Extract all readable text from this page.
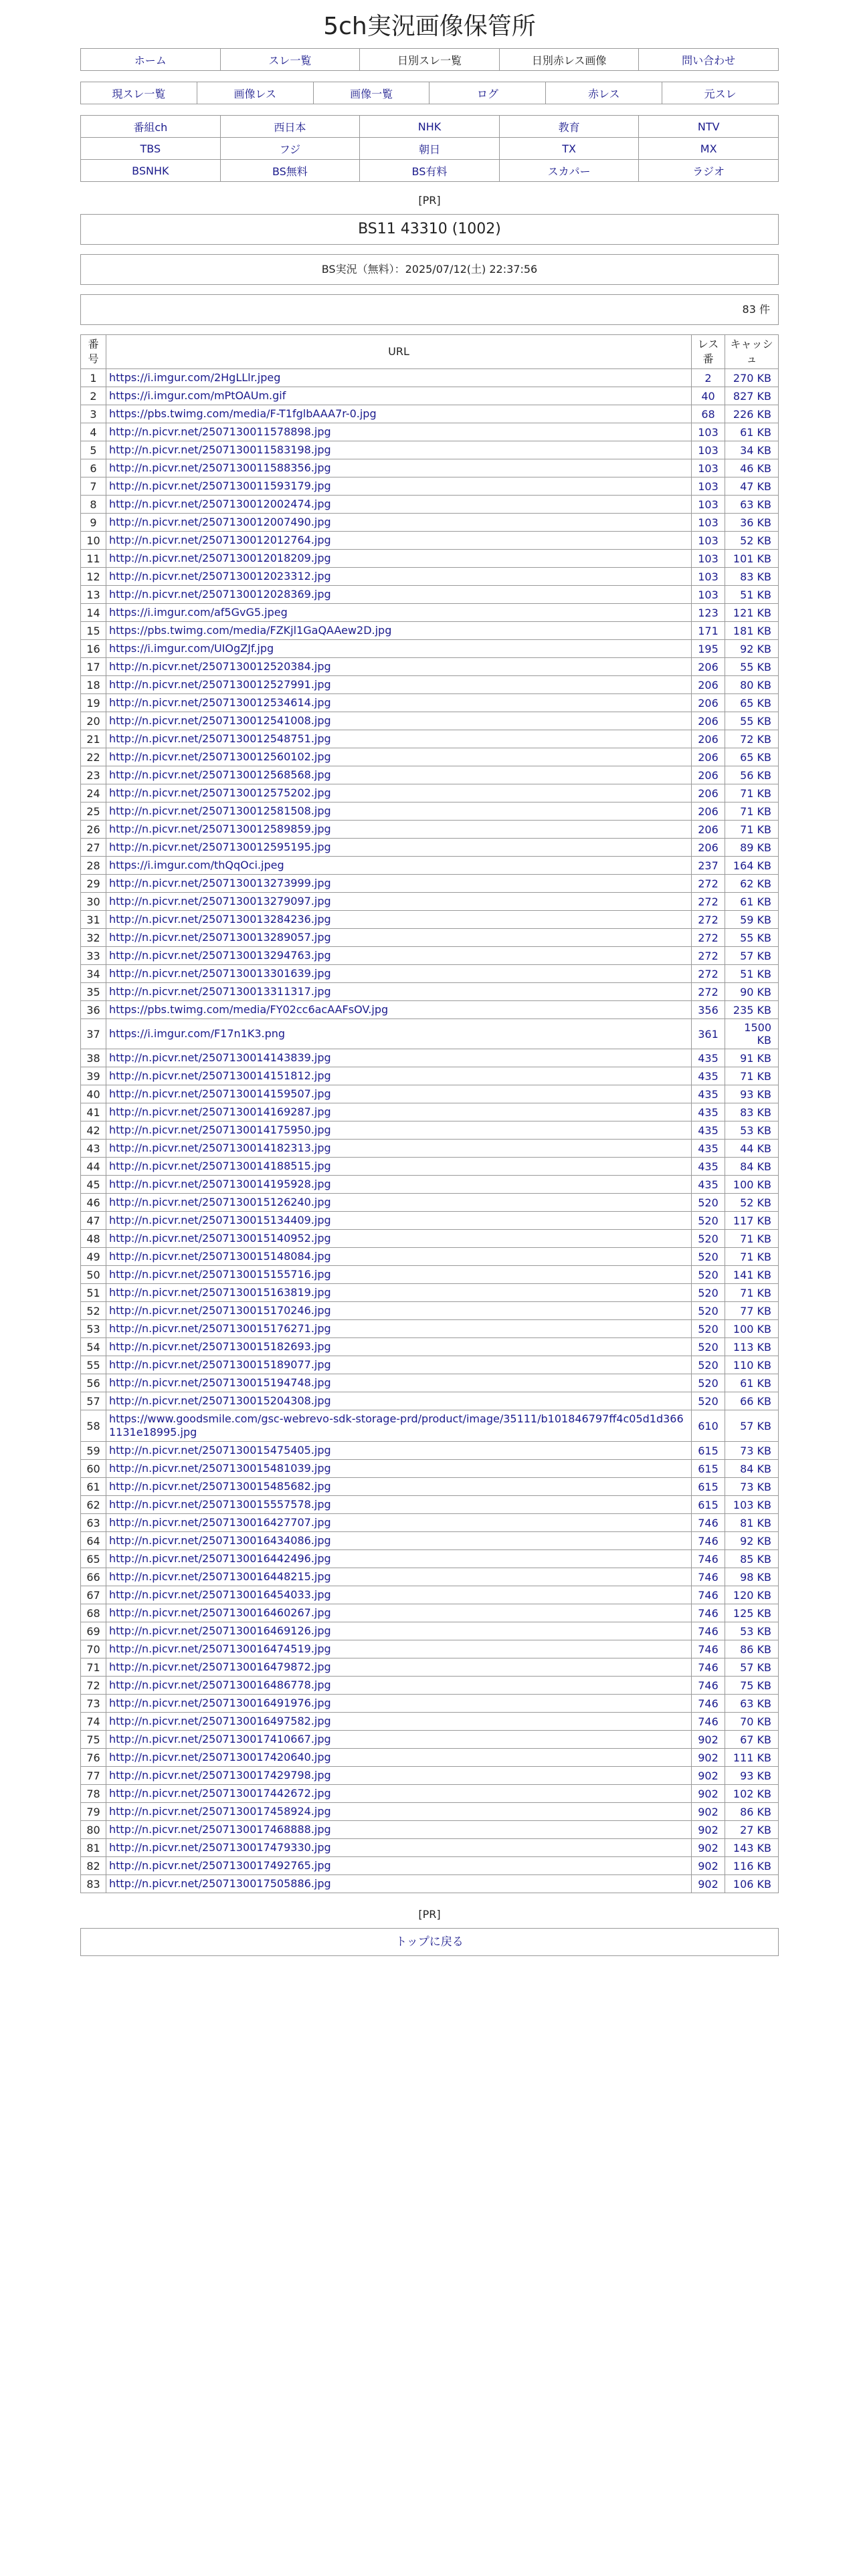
5ch実況画像保管所
ホーム	スレ一覧	日別スレ一覧	日別赤レス画像	問い合わせ
現スレ一覧	画像レス	画像一覧	ログ	赤レス	元スレ
番組ch	西日本	NHK	教育	NTV
TBS	フジ	朝日	TX	MX
BSNHK	BS無料	BS有料	スカパー	ラジオ
[PR]
BS11 43310 (1002)
BS実況（無料）：2025/07/12(土) 22:37:56
83 件
番号	URL	レス番	キャッシュ
1	https://i.imgur.com/2HgLLlr.jpeg	2	270 KB
2	https://i.imgur.com/mPtOAUm.gif	40	827 KB
3	https://pbs.twimg.com/media/F-T1fglbAAA7r-0.jpg	68	226 KB
4	http://n.picvr.net/2507130011578898.jpg	103	61 KB
5	http://n.picvr.net/2507130011583198.jpg	103	34 KB
6	http://n.picvr.net/2507130011588356.jpg	103	46 KB
7	http://n.picvr.net/2507130011593179.jpg	103	47 KB
8	http://n.picvr.net/2507130012002474.jpg	103	63 KB
9	http://n.picvr.net/2507130012007490.jpg	103	36 KB
10	http://n.picvr.net/2507130012012764.jpg	103	52 KB
11	http://n.picvr.net/2507130012018209.jpg	103	101 KB
12	http://n.picvr.net/2507130012023312.jpg	103	83 KB
13	http://n.picvr.net/2507130012028369.jpg	103	51 KB
14	https://i.imgur.com/af5GvG5.jpeg	123	121 KB
15	https://pbs.twimg.com/media/FZKjl1GaQAAew2D.jpg	171	181 KB
16	https://i.imgur.com/UIOgZJf.jpg	195	92 KB
17	http://n.picvr.net/2507130012520384.jpg	206	55 KB
18	http://n.picvr.net/2507130012527991.jpg	206	80 KB
19	http://n.picvr.net/2507130012534614.jpg	206	65 KB
20	http://n.picvr.net/2507130012541008.jpg	206	55 KB
21	http://n.picvr.net/2507130012548751.jpg	206	72 KB
22	http://n.picvr.net/2507130012560102.jpg	206	65 KB
23	http://n.picvr.net/2507130012568568.jpg	206	56 KB
24	http://n.picvr.net/2507130012575202.jpg	206	71 KB
25	http://n.picvr.net/2507130012581508.jpg	206	71 KB
26	http://n.picvr.net/2507130012589859.jpg	206	71 KB
27	http://n.picvr.net/2507130012595195.jpg	206	89 KB
28	https://i.imgur.com/thQqOci.jpeg	237	164 KB
29	http://n.picvr.net/2507130013273999.jpg	272	62 KB
30	http://n.picvr.net/2507130013279097.jpg	272	61 KB
31	http://n.picvr.net/2507130013284236.jpg	272	59 KB
32	http://n.picvr.net/2507130013289057.jpg	272	55 KB
33	http://n.picvr.net/2507130013294763.jpg	272	57 KB
34	http://n.picvr.net/2507130013301639.jpg	272	51 KB
35	http://n.picvr.net/2507130013311317.jpg	272	90 KB
36	https://pbs.twimg.com/media/FY02cc6acAAFsOV.jpg	356	235 KB
37	https://i.imgur.com/F17n1K3.png	361	1500 KB
38	http://n.picvr.net/2507130014143839.jpg	435	91 KB
39	http://n.picvr.net/2507130014151812.jpg	435	71 KB
40	http://n.picvr.net/2507130014159507.jpg	435	93 KB
41	http://n.picvr.net/2507130014169287.jpg	435	83 KB
42	http://n.picvr.net/2507130014175950.jpg	435	53 KB
43	http://n.picvr.net/2507130014182313.jpg	435	44 KB
44	http://n.picvr.net/2507130014188515.jpg	435	84 KB
45	http://n.picvr.net/2507130014195928.jpg	435	100 KB
46	http://n.picvr.net/2507130015126240.jpg	520	52 KB
47	http://n.picvr.net/2507130015134409.jpg	520	117 KB
48	http://n.picvr.net/2507130015140952.jpg	520	71 KB
49	http://n.picvr.net/2507130015148084.jpg	520	71 KB
50	http://n.picvr.net/2507130015155716.jpg	520	141 KB
51	http://n.picvr.net/2507130015163819.jpg	520	71 KB
52	http://n.picvr.net/2507130015170246.jpg	520	77 KB
53	http://n.picvr.net/2507130015176271.jpg	520	100 KB
54	http://n.picvr.net/2507130015182693.jpg	520	113 KB
55	http://n.picvr.net/2507130015189077.jpg	520	110 KB
56	http://n.picvr.net/2507130015194748.jpg	520	61 KB
57	http://n.picvr.net/2507130015204308.jpg	520	66 KB
58	https://www.goodsmile.com/gsc-webrevo-sdk-storage-prd/product/image/35111/b101846797ff4c05d1d3661131e18995.jpg	610	57 KB
59	http://n.picvr.net/2507130015475405.jpg	615	73 KB
60	http://n.picvr.net/2507130015481039.jpg	615	84 KB
61	http://n.picvr.net/2507130015485682.jpg	615	73 KB
62	http://n.picvr.net/2507130015557578.jpg	615	103 KB
63	http://n.picvr.net/2507130016427707.jpg	746	81 KB
64	http://n.picvr.net/2507130016434086.jpg	746	92 KB
65	http://n.picvr.net/2507130016442496.jpg	746	85 KB
66	http://n.picvr.net/2507130016448215.jpg	746	98 KB
67	http://n.picvr.net/2507130016454033.jpg	746	120 KB
68	http://n.picvr.net/2507130016460267.jpg	746	125 KB
69	http://n.picvr.net/2507130016469126.jpg	746	53 KB
70	http://n.picvr.net/2507130016474519.jpg	746	86 KB
71	http://n.picvr.net/2507130016479872.jpg	746	57 KB
72	http://n.picvr.net/2507130016486778.jpg	746	75 KB
73	http://n.picvr.net/2507130016491976.jpg	746	63 KB
74	http://n.picvr.net/2507130016497582.jpg	746	70 KB
75	http://n.picvr.net/2507130017410667.jpg	902	67 KB
76	http://n.picvr.net/2507130017420640.jpg	902	111 KB
77	http://n.picvr.net/2507130017429798.jpg	902	93 KB
78	http://n.picvr.net/2507130017442672.jpg	902	102 KB
79	http://n.picvr.net/2507130017458924.jpg	902	86 KB
80	http://n.picvr.net/2507130017468888.jpg	902	27 KB
81	http://n.picvr.net/2507130017479330.jpg	902	143 KB
82	http://n.picvr.net/2507130017492765.jpg	902	116 KB
83	http://n.picvr.net/2507130017505886.jpg	902	106 KB
[PR]
トップに戻る
